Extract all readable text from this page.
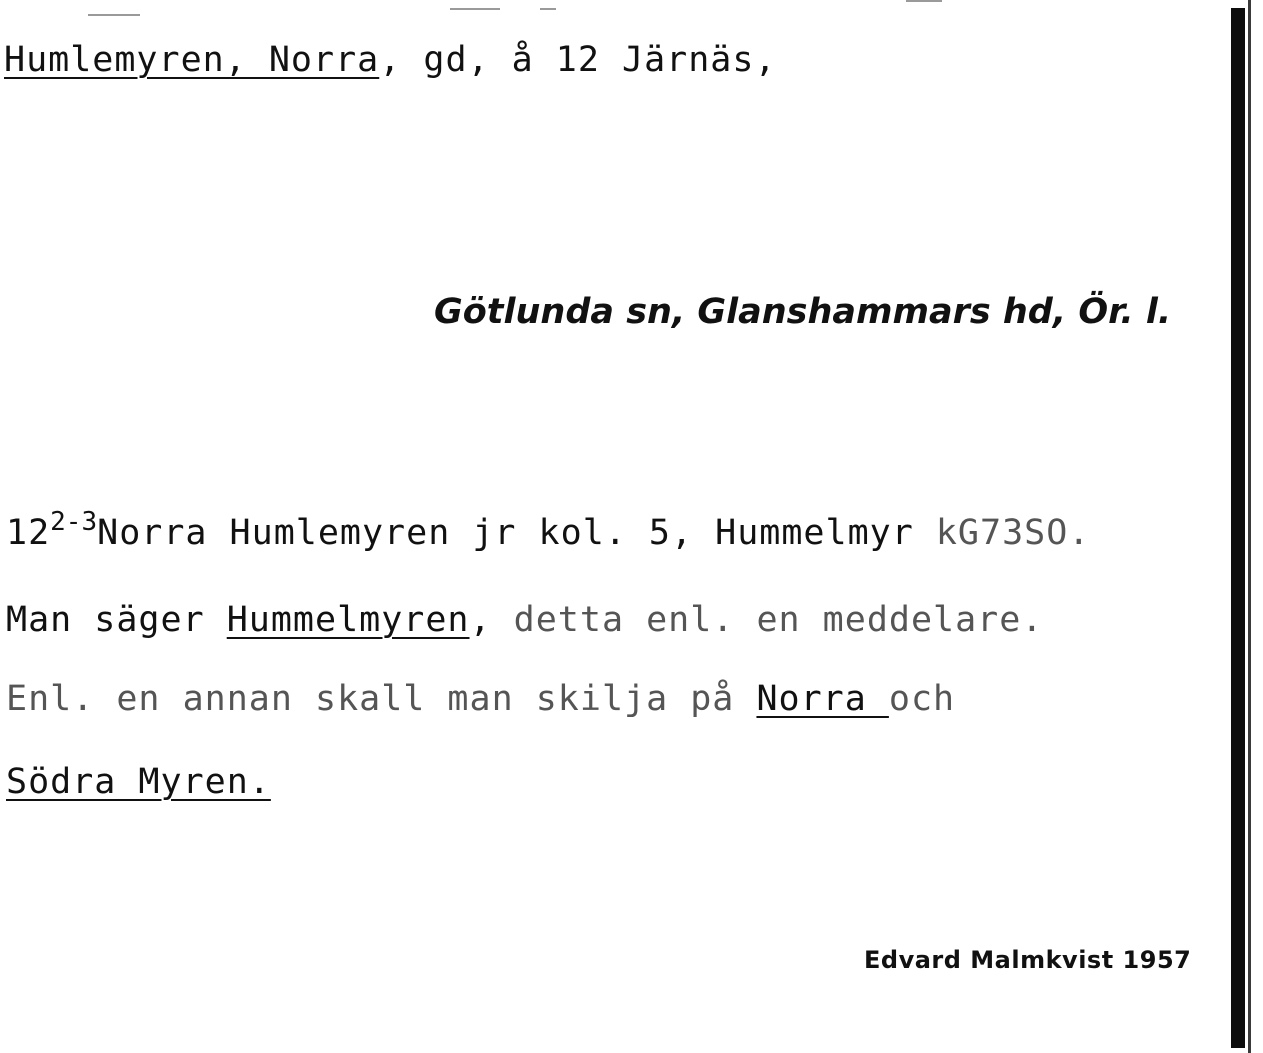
Humlemyren, Norra, gd, å 12 Järnäs,
Götlunda sn, Glanshammars hd, Ör. l.
12$^{2-3}$Norra Humlemyren jr kol. 5, Hummelmyr kG73SO.
Man säger Hummelmyren, detta enl. en meddelare.
Enl. en annan skall man skilja på Norra och
Södra Myren.
Edvard Malmkvist 1957
